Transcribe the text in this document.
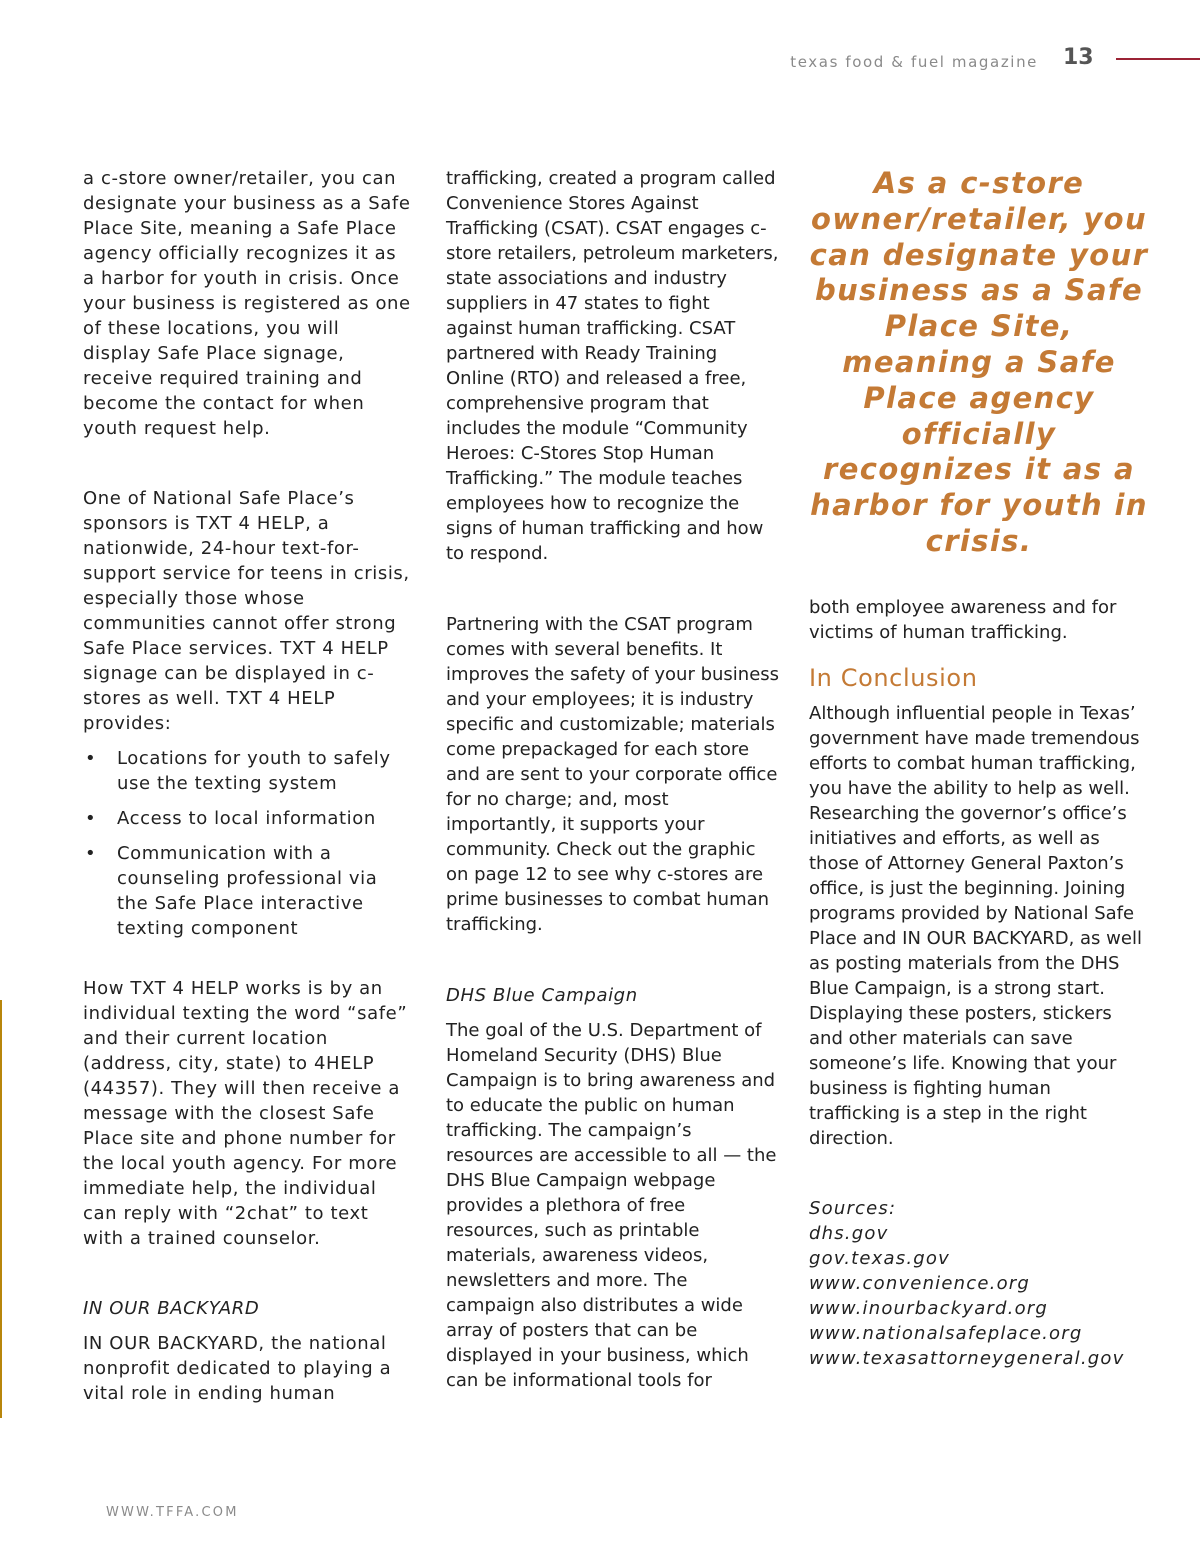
texas food & fuel magazine 13

a c-store owner/retailer, you can designate your business as a Safe Place Site, meaning a Safe Place agency officially recognizes it as a harbor for youth in crisis. Once your business is registered as one of these locations, you will display Safe Place signage, receive required training and become the contact for when youth request help.

One of National Safe Place’s sponsors is TXT 4 HELP, a nationwide, 24-hour text-for-support service for teens in crisis, especially those whose communities cannot offer strong Safe Place services. TXT 4 HELP signage can be displayed in c-stores as well. TXT 4 HELP provides:

• Locations for youth to safely use the texting system
• Access to local information
• Communication with a counseling professional via the Safe Place interactive texting component

How TXT 4 HELP works is by an individual texting the word “safe” and their current location (address, city, state) to 4HELP (44357). They will then receive a message with the closest Safe Place site and phone number for the local youth agency. For more immediate help, the individual can reply with “2chat” to text with a trained counselor.

IN OUR BACKYARD

IN OUR BACKYARD, the national nonprofit dedicated to playing a vital role in ending human

trafficking, created a program called Convenience Stores Against Trafficking (CSAT). CSAT engages c-store retailers, petroleum marketers, state associations and industry suppliers in 47 states to fight against human trafficking. CSAT partnered with Ready Training Online (RTO) and released a free, comprehensive program that includes the module “Community Heroes: C-Stores Stop Human Trafficking.” The module teaches employees how to recognize the signs of human trafficking and how to respond.

Partnering with the CSAT program comes with several benefits. It improves the safety of your business and your employees; it is industry specific and customizable; materials come prepackaged for each store and are sent to your corporate office for no charge; and, most importantly, it supports your community. Check out the graphic on page 12 to see why c-stores are prime businesses to combat human trafficking.

DHS Blue Campaign

The goal of the U.S. Department of Homeland Security (DHS) Blue Campaign is to bring awareness and to educate the public on human trafficking. The campaign’s resources are accessible to all — the DHS Blue Campaign webpage provides a plethora of free resources, such as printable materials, awareness videos, newsletters and more. The campaign also distributes a wide array of posters that can be displayed in your business, which can be informational tools for

As a c-store owner/retailer, you can designate your business as a Safe Place Site, meaning a Safe Place agency officially recognizes it as a harbor for youth in crisis.

both employee awareness and for victims of human trafficking.

In Conclusion

Although influential people in Texas’ government have made tremendous efforts to combat human trafficking, you have the ability to help as well. Researching the governor’s office’s initiatives and efforts, as well as those of Attorney General Paxton’s office, is just the beginning. Joining programs provided by National Safe Place and IN OUR BACKYARD, as well as posting materials from the DHS Blue Campaign, is a strong start. Displaying these posters, stickers and other materials can save someone’s life. Knowing that your business is fighting human trafficking is a step in the right direction.

Sources:

dhs.gov

gov.texas.gov

www.convenience.org

www.inourbackyard.org

www.nationalsafeplace.org

www.texasattorneygeneral.gov

WWW.TFFA.COM
